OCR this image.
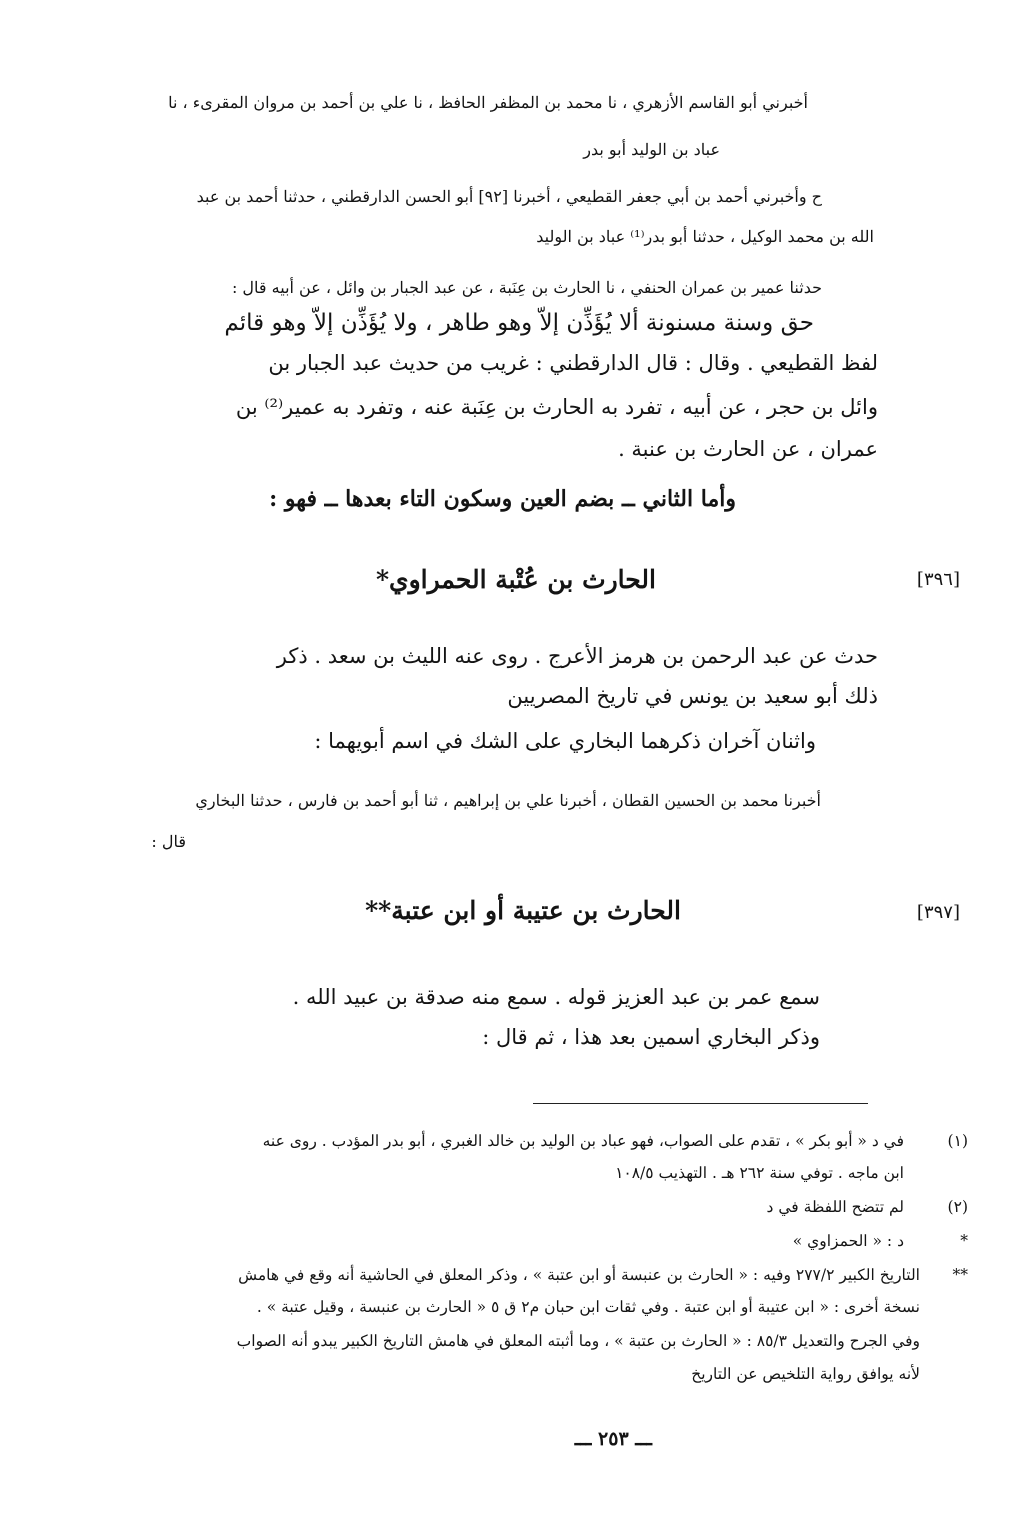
أخبرني أبو القاسم الأزهري ، نا محمد بن المظفر الحافظ ، نا علي بن أحمد بن مروان المقرىء ، نا
عباد بن الوليد أبو بدر
ح وأخبرني أحمد بن أبي جعفر القطيعي ، أخبرنا [٩٢] أبو الحسن الدارقطني ، حدثنا أحمد بن عبد
الله بن محمد الوكيل ، حدثنا أبو بدر⁽¹⁾ عباد بن الوليد
حدثنا عمير بن عمران الحنفي ، نا الحارث بن عِنَبة ، عن عبد الجبار بن وائل ، عن أبيه قال :
حق وسنة مسنونة ألا يُؤَذِّن إلاّ وهو طاهر ، ولا يُؤَذِّن إلاّ وهو قائم
لفظ القطيعي . وقال : قال الدارقطني : غريب من حديث عبد الجبار بن
وائل بن حجر ، عن أبيه ، تفرد به الحارث بن عِنَبة عنه ، وتفرد به عمير⁽²⁾ بن
عمران ، عن الحارث بن عنبة .
وأما الثاني ــ بضم العين وسكون التاء بعدها ــ فهو :
[٣٩٦]
الحارث بن عُتْبة الحمراوي*
حدث عن عبد الرحمن بن هرمز الأعرج . روى عنه الليث بن سعد . ذكر
ذلك أبو سعيد بن يونس في تاريخ المصريين
واثنان آخران ذكرهما البخاري على الشك في اسم أبويهما :
أخبرنا محمد بن الحسين القطان ، أخبرنا علي بن إبراهيم ، ثنا أبو أحمد بن فارس ، حدثنا البخاري
قال :
[٣٩٧]
الحارث بن عتيبة أو ابن عتبة**
سمع عمر بن عبد العزيز قوله . سمع منه صدقة بن عبيد الله .
وذكر البخاري اسمين بعد هذا ، ثم قال :
(١)
في د « أبو بكر » ، تقدم على الصواب، فهو عباد بن الوليد بن خالد الغبري ، أبو بدر المؤدب . روى عنه
ابن ماجه . توفي سنة ٢٦٢ هـ . التهذيب ١٠٨/٥
(٢)
لم تتضح اللفظة في د
*
د : « الحمزاوي »
**
التاريخ الكبير ٢٧٧/٢ وفيه : « الحارث بن عنبسة أو ابن عتبة » ، وذكر المعلق في الحاشية أنه وقع في هامش
نسخة أخرى : « ابن عتيبة أو ابن عتبة . وفي ثقات ابن حبان م٢ ق ٥ « الحارث بن عنبسة ، وقيل عتبة » .
وفي الجرح والتعديل ٨٥/٣ : « الحارث بن عتبة » ، وما أثبته المعلق في هامش التاريخ الكبير يبدو أنه الصواب
لأنه يوافق رواية التلخيص عن التاريخ
ـــ ٢٥٣ ـــ
